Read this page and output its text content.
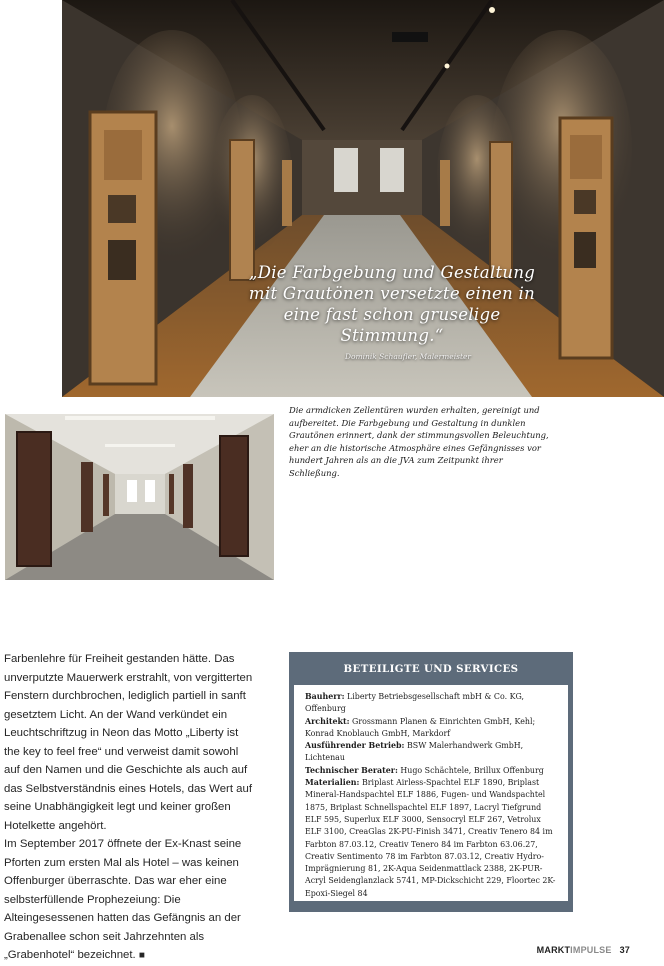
„Die Farbgebung und Gestaltung mit Grautönen versetzte einen in eine fast schon gruselige Stimmung.“
Dominik Schaufler, Malermeister
Die armdicken Zellentüren wurden erhalten, gereinigt und aufbereitet. Die Farbgebung und Gestaltung in dunklen Grautönen erinnert, dank der stimmungsvollen Beleuchtung, eher an die historische Atmosphäre eines Gefängnisses vor hundert Jahren als an die JVA zum Zeitpunkt ihrer Schließung.

Farbenlehre für Freiheit gestanden hätte. Das unverputzte Mauerwerk erstrahlt, von vergitterten Fenstern durchbrochen, lediglich partiell in sanft gesetztem Licht. An der Wand verkündet ein Leuchtschriftzug in Neon das Motto „Liberty ist the key to feel free“ und verweist damit sowohl auf den Namen und die Geschichte als auch auf das Selbstverständnis eines Hotels, das Wert auf seine Unabhängigkeit legt und keiner großen Hotelkette angehört.

Im September 2017 öffnete der Ex-Knast seine Pforten zum ersten Mal als Hotel – was keinen Offenburger überraschte. Das war eher eine selbsterfüllende Prophezeiung: Die Alteingesessenen hatten das Gefängnis an der Grabenallee schon seit Jahrzehnten als „Grabenhotel“ bezeichnet. ■

BETEILIGTE UND SERVICES

Bauherr: Liberty Betriebsgesellschaft mbH & Co. KG, Offenburg

Architekt: Grossmann Planen & Einrichten GmbH, Kehl; Konrad Knoblauch GmbH, Markdorf

Ausführender Betrieb: BSW Malerhandwerk GmbH, Lichtenau

Technischer Berater: Hugo Schächtele, Brillux Offenburg

Materialien: Briplast Airless-Spachtel ELF 1890, Briplast Mineral-Handspachtel ELF 1886, Fugen- und Wandspachtel 1875, Briplast Schnellspachtel ELF 1897, Lacryl Tiefgrund ELF 595, Superlux ELF 3000, Sensocryl ELF 267, Vetrolux ELF 3100, CreaGlas 2K-PU-Finish 3471, Creativ Tenero 84 im Farbton 87.03.12, Creativ Tenero 84 im Farbton 63.06.27, Creativ Sentimento 78 im Farbton 87.03.12, Creativ Hydro-Imprägnierung 81, 2K-Aqua Seidenmattlack 2388, 2K-PUR-Acryl Seidenglanzlack 5741, MP-Dickschicht 229, Floortec 2K-Epoxi-Siegel 84

MARKTIMPULSE 37
